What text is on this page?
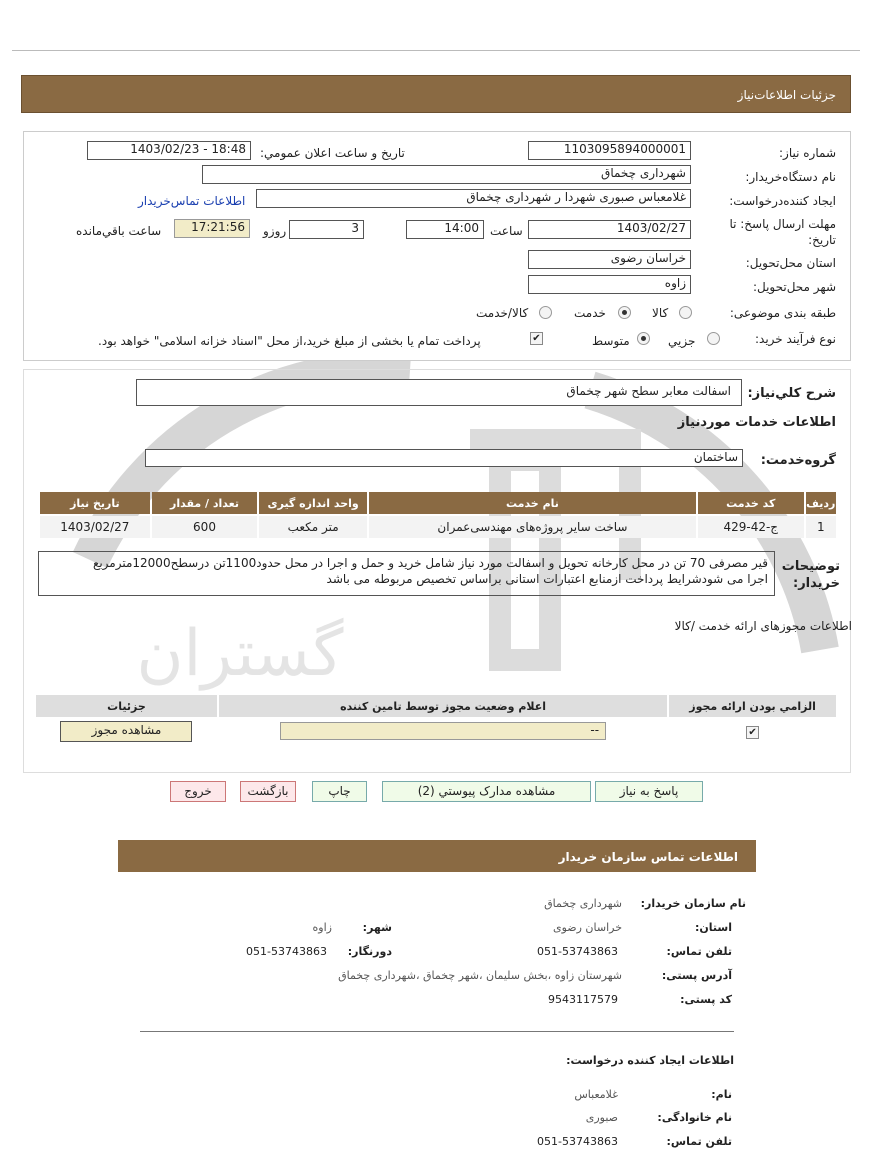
جزئيات اطلاعات‌نياز
گستران
شماره نياز:
1103095894000001
تاريخ و ساعت اعلان عمومي:
1403/02/23 - 18:48
نام دستگاه‌خريدار:
شهرداری چخماق
ايجاد کننده‌درخواست:
غلامعباس صبوری شهردا ر شهرداری چخماق
اطلاعات تماس‌خريدار
مهلت ارسال پاسخ: تا تاريخ:
1403/02/27
ساعت
14:00
3
روزو
17:21:56
ساعت باقي‌مانده
استان محل‌تحويل:
خراسان رضوی
شهر محل‌تحويل:
زاوه
طبقه بندی موضوعی:
کالا
خدمت
کالا/خدمت
نوع فرآيند خريد:
جزيي
متوسط
✔
پرداخت تمام يا بخشی از مبلغ خريد،از محل "اسناد خزانه اسلامی" خواهد بود.
شرح کلي‌نياز:
اسفالت معابر سطح شهر چخماق
اطلاعات خدمات موردنياز
گروه‌خدمت:
ساختمان
رديف	کد خدمت	نام خدمت	واحد اندازه گيری	تعداد / مقدار	تاريخ نياز
1	ج-42-429	ساخت ساير پروژه‌های مهندسی‌عمران	متر مکعب	600	1403/02/27
توضيحات خريدار:
قیر مصرفی 70 تن در محل کارخانه تحویل و اسفالت مورد نیاز شامل خرید و حمل و اجرا در محل حدود1100تن درسطح12000مترمربع
اجرا می شودشرایط پرداخت ازمنابع اعتبارات استانی براساس تخصیص مربوطه می باشد
اطلاعات مجوزهای ارائه خدمت /کالا
الزامي بودن ارائه مجوز	اعلام وضعيت مجوز توسط تامين کننده	جزئيات
✔	--	مشاهده مجوز
پاسخ به نياز
مشاهده مدارک پيوستي (2)
چاپ
بازگشت
خروج
اطلاعات تماس سازمان خريدار
نام سازمان خريدار:
شهرداری چخماق
استان:
خراسان رضوی
شهر:
زاوه
تلفن تماس:
051-53743863
دورنگار:
051-53743863
آدرس پستی:
شهرستان زاوه ،بخش سلیمان ،شهر چخماق ،شهرداری چخماق
کد پستی:
9543117579
اطلاعات ايجاد کننده درخواست:
نام:
غلامعباس
نام خانوادگی:
صبوری
تلفن تماس:
051-53743863
